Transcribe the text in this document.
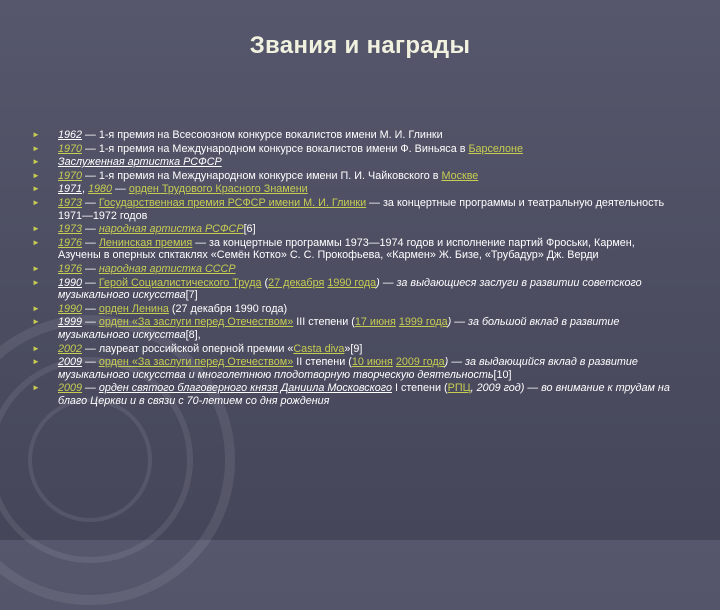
Звания и награды
► 1962 — 1-я премия на Всесоюзном конкурсе вокалистов имени М. И. Глинки
► 1970 — 1-я премия на Международном конкурсе вокалистов имени Ф. Виньяса в Барселоне
► Заслуженная артистка РСФСР
► 1970 — 1-я премия на Международном конкурсе имени П. И. Чайковского в Москве
► 1971, 1980 — орден Трудового Красного Знамени
► 1973 — Государственная премия РСФСР имени М. И. Глинки — за концертные программы и театральную деятельность 1971—1972 годов
► 1973 — народная артистка РСФСР[6]
► 1976 — Ленинская премия — за концертные программы 1973—1974 годов и исполнение партий Фроськи, Кармен, Азучены в оперных спктаклях «Семён Котко» С. С. Прокофьева, «Кармен» Ж. Бизе, «Трубадур» Дж. Верди
► 1976 — народная артистка СССР
► 1990 — Герой Социалистического Труда (27 декабря 1990 года) — за выдающиеся заслуги в развитии советского музыкального искусства[7]
► 1990 — орден Ленина (27 декабря 1990 года)
► 1999 — орден «За заслуги перед Отечеством» III степени (17 июня 1999 года) — за большой вклад в развитие музыкального искусства[8],
► 2002 — лауреат российской оперной премии «Casta diva»[9]
► 2009 — орден «За заслуги перед Отечеством» II степени (10 июня 2009 года) — за выдающийся вклад в развитие музыкального искусства и многолетнюю плодотворную творческую деятельность[10]
► 2009 — орден святого благоверного князя Даниила Московского I степени (РПЦ, 2009 год) — во внимание к трудам на благо Церкви и в связи с 70-летием со дня рождения
